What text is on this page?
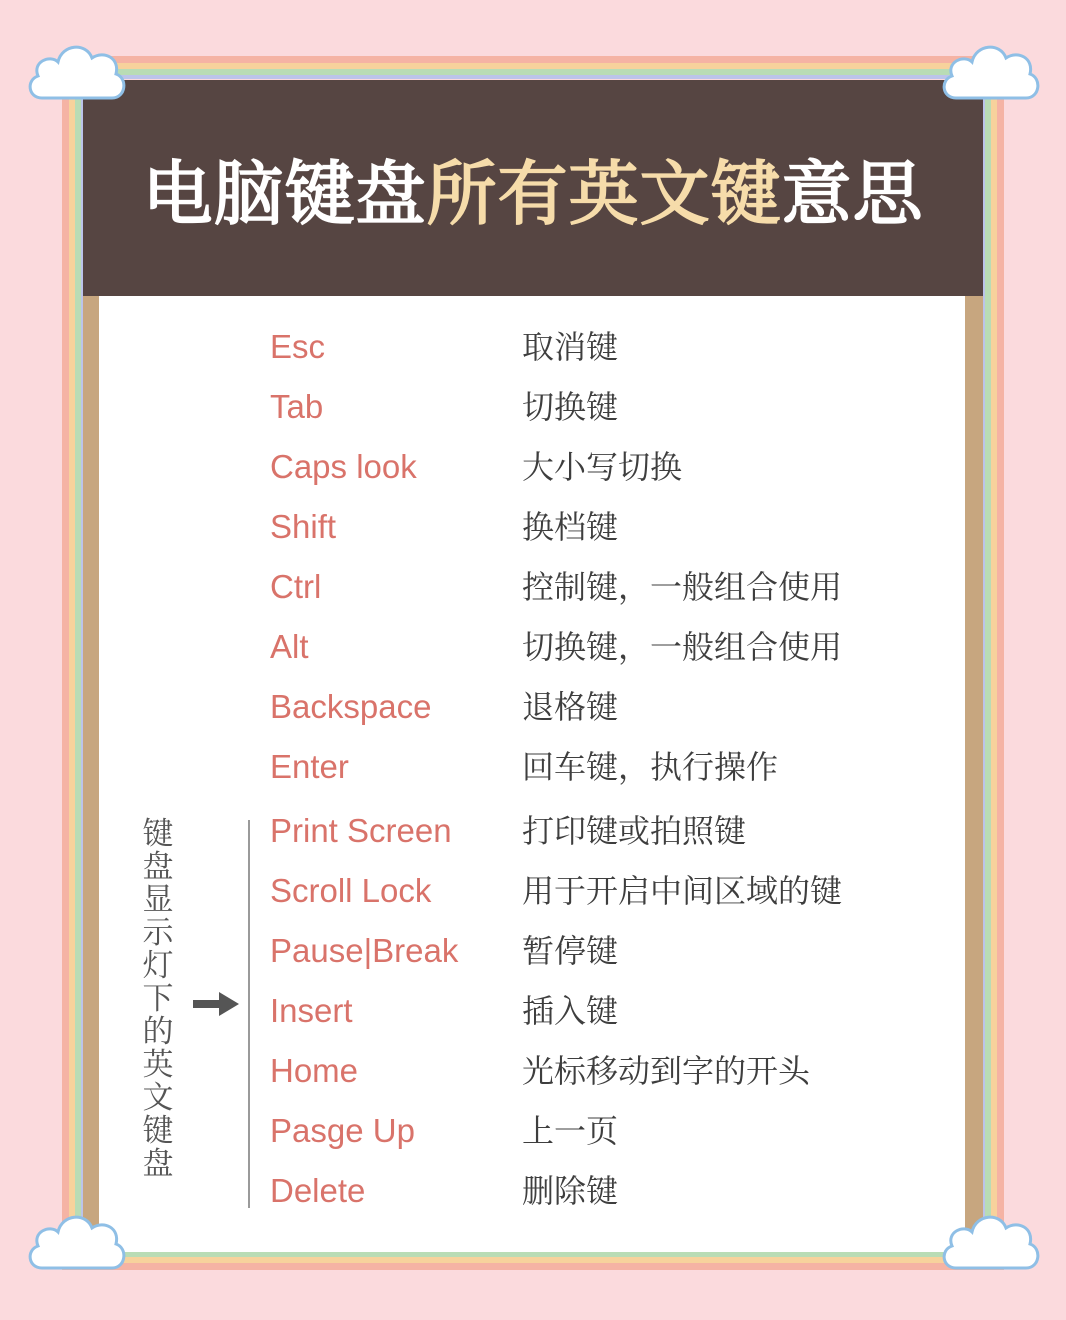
电脑键盘所有英文键意思
Esc	取消键
Tab	切换键
Caps look	大小写切换
Shift	换档键
Ctrl	控制键，一般组合使用
Alt	切换键，一般组合使用
Backspace	退格键
Enter	回车键，执行操作
Print Screen 打印键或拍照键
Scroll Lock	用于开启中间区域的键
Pause|Break 暂停键
Insert	插入键
Home	光标移动到字的开头
Pasge Up	上一页
Delete	删除键
键盘显示灯下的英文键盘
